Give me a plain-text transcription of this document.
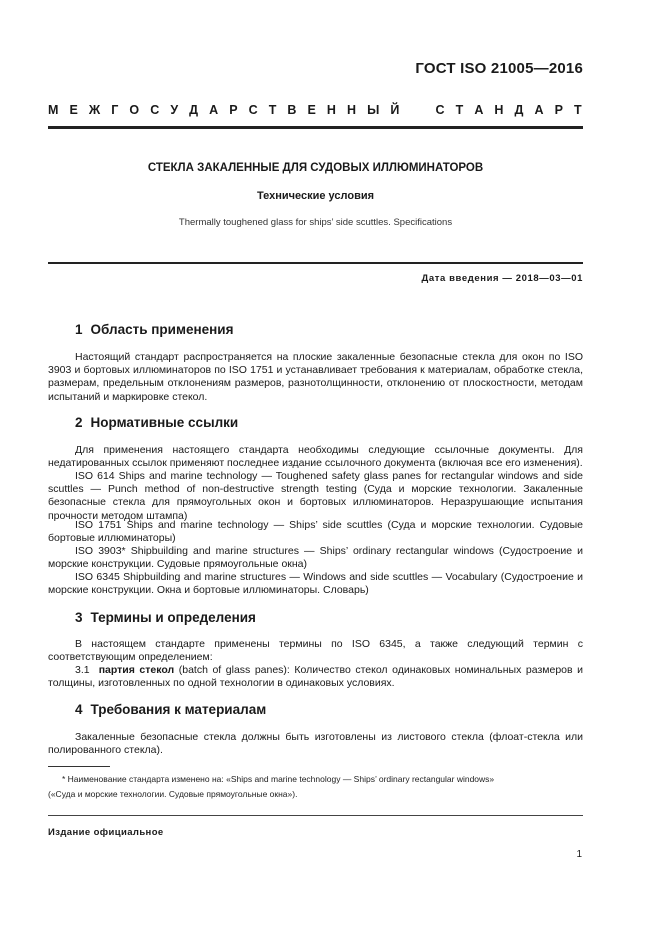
ГОСТ ISO 21005—2016
М Е Ж Г О С У Д А Р С Т В Е Н Н Ы Й	С Т А Н Д А Р Т
СТЕКЛА ЗАКАЛЕННЫЕ ДЛЯ СУДОВЫХ ИЛЛЮМИНАТОРОВ
Технические условия
Thermally toughened glass for ships’ side scuttles. Specifications
Дата введения — 2018—03—01
1 Область применения
Настоящий стандарт распространяется на плоские закаленные безопасные стекла для окон по ISO 3903 и бортовых иллюминаторов по ISO 1751 и устанавливает требования к материалам, обработке стекла, размерам, предельным отклонениям размеров, разнотолщинности, отклонению от плоскостности, методам испытаний и маркировке стекол.
2 Нормативные ссылки
Для применения настоящего стандарта необходимы следующие ссылочные документы. Для недатированных ссылок применяют последнее издание ссылочного документа (включая все его изменения).
ISO 614 Ships and marine technology — Toughened safety glass panes for rectangular windows and side scuttles — Punch method of non-destructive strength testing (Суда и морские технологии. Закаленные безопасные стекла для прямоугольных окон и бортовых иллюминаторов. Неразрушающие испытания прочности методом штампа)
ISO 1751 Ships and marine technology — Ships’ side scuttles (Суда и морские технологии. Судовые бортовые иллюминаторы)
ISO 3903* Shipbuilding and marine structures — Ships’ ordinary rectangular windows (Судостроение и морские конструкции. Судовые прямоугольные окна)
ISO 6345 Shipbuilding and marine structures — Windows and side scuttles — Vocabulary (Судостроение и морские конструкции. Окна и бортовые иллюминаторы. Словарь)
3 Термины и определения
В настоящем стандарте применены термины по ISO 6345, а также следующий термин с соответствующим определением:
3.1 партия стекол (batch of glass panes): Количество стекол одинаковых номинальных размеров и толщины, изготовленных по одной технологии в одинаковых условиях.
4 Требования к материалам
Закаленные безопасные стекла должны быть изготовлены из листового стекла (флоат-стекла или полированного стекла).
* Наименование стандарта изменено на: «Ships and marine technology — Ships’ ordinary rectangular windows»
(«Суда и морские технологии. Судовые прямоугольные окна»).
Издание официальное
1
